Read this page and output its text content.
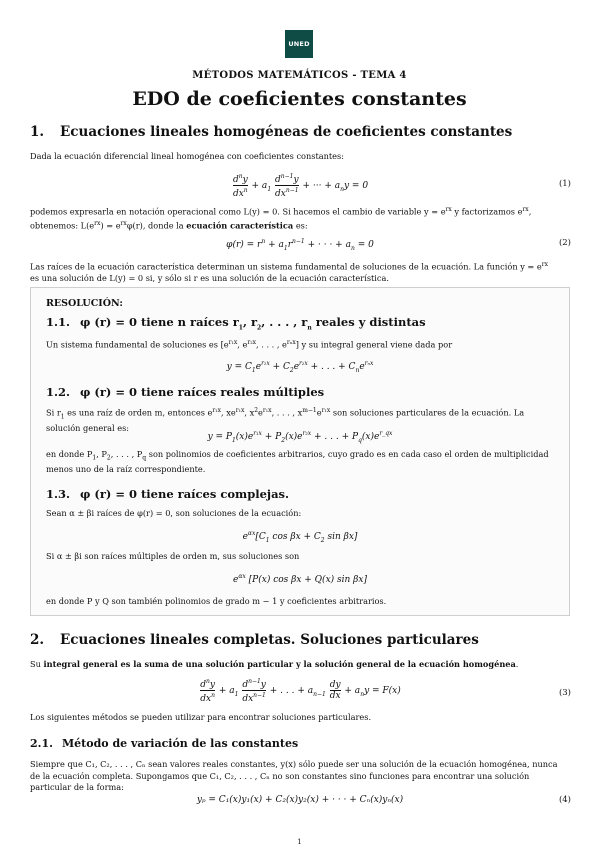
UNED
MÉTODOS MATEMÁTICOS - TEMA 4
EDO de coeficientes constantes
1. Ecuaciones lineales homogéneas de coeficientes constantes
Dada la ecuación diferencial lineal homogénea con coeficientes constantes:
$\frac{d^ny}{dx^n} + a_1 \frac{d^{n-1}y}{dx^{n-1}}$ + ··· + $a_ny = 0$	(1)
podemos expresarla en notación operacional como L(y) = 0. Si hacemos el cambio de variable $y = e^{rx}$ y factorizamos $e^{rx}$,
obtenemos: $L(e^{rx}) = e^{rx}\varphi(r)$, donde la ecuación característica es:
$\varphi(r) = r^n + a_1r^{n-1}$ + · · · + $a_n = 0$	(2)
Las raíces de la ecuación característica determinan un sistema fundamental de soluciones de la ecuación. La función $y = e^{rx}$
es una solución de L(y) = 0 si, y sólo si r es una solución de la ecuación característica.
RESOLUCIÓN:
1.1. φ (r) = 0 tiene n raíces $r_1$, $r_2$, . . . , $r_n$ reales y distintas
Un sistema fundamental de soluciones es [$e^{r_1x}$, $e^{r_2x}$, . . . , $e^{r_nx}$] y su integral general viene dada por
$y = C_1e^{r_1x} + C_2e^{r_2x}$ + . . . + $C_ne^{r_nx}$
1.2. φ (r) = 0 tiene raíces reales múltiples
Si $r_1$ es una raíz de orden m, entonces $e^{r_1x}$, $xe^{r_1x}$, $x^2e^{r_1x}$, . . . , $x^{m-1}e^{r_1x}$ son soluciones particulares de la ecuación. La
solución general es:
$y = P_1(x)e^{r_1x} + P_2(x)e^{r_2x}$ + . . . + $P_q(x)e^{r\_qx}$
en donde $P_1$, $P_2$, . . . , $P_q$ son polinomios de coeficientes arbitrarios, cuyo grado es en cada caso el orden de multiplicidad
menos uno de la raíz correspondiente.
1.3. φ (r) = 0 tiene raíces complejas.
Sean α ± βi raíces de φ(r) = 0, son soluciones de la ecuación:
$e^{\alpha x}[C_1$ $\cos \beta x + C_2$ sin βx]
Si α ± βi son raíces múltiples de orden m, sus soluciones son
$e^{\alpha x}$ [P(x) cos βx + Q(x) sin βx]
en donde P y Q son también polinomios de grado m − 1 y coeficientes arbitrarios.
2. Ecuaciones lineales completas. Soluciones particulares
Su integral general es la suma de una solución particular y la solución general de la ecuación homogénea.
$\frac{d^ny}{dx^n} + a_1 \frac{d^{n-1}y}{dx^{n-1}}$ + . . . + $a_{n-1} \frac{dy}{dx} + a_ny = F(x)$	(3)
Los siguientes métodos se pueden utilizar para encontrar soluciones particulares.
2.1. Método de variación de las constantes
Siempre que C₁, C₂, . . . , Cₙ sean valores reales constantes, y(x) sólo puede ser una solución de la ecuación homogénea, nunca
de la ecuación completa. Supongamos que C₁, C₂, . . . , Cₙ no son constantes sino funciones para encontrar una solución
particular de la forma:
yₚ = C₁(x)y₁(x) + C₂(x)y₂(x) + · · · + Cₙ(x)yₙ(x)	(4)
1
